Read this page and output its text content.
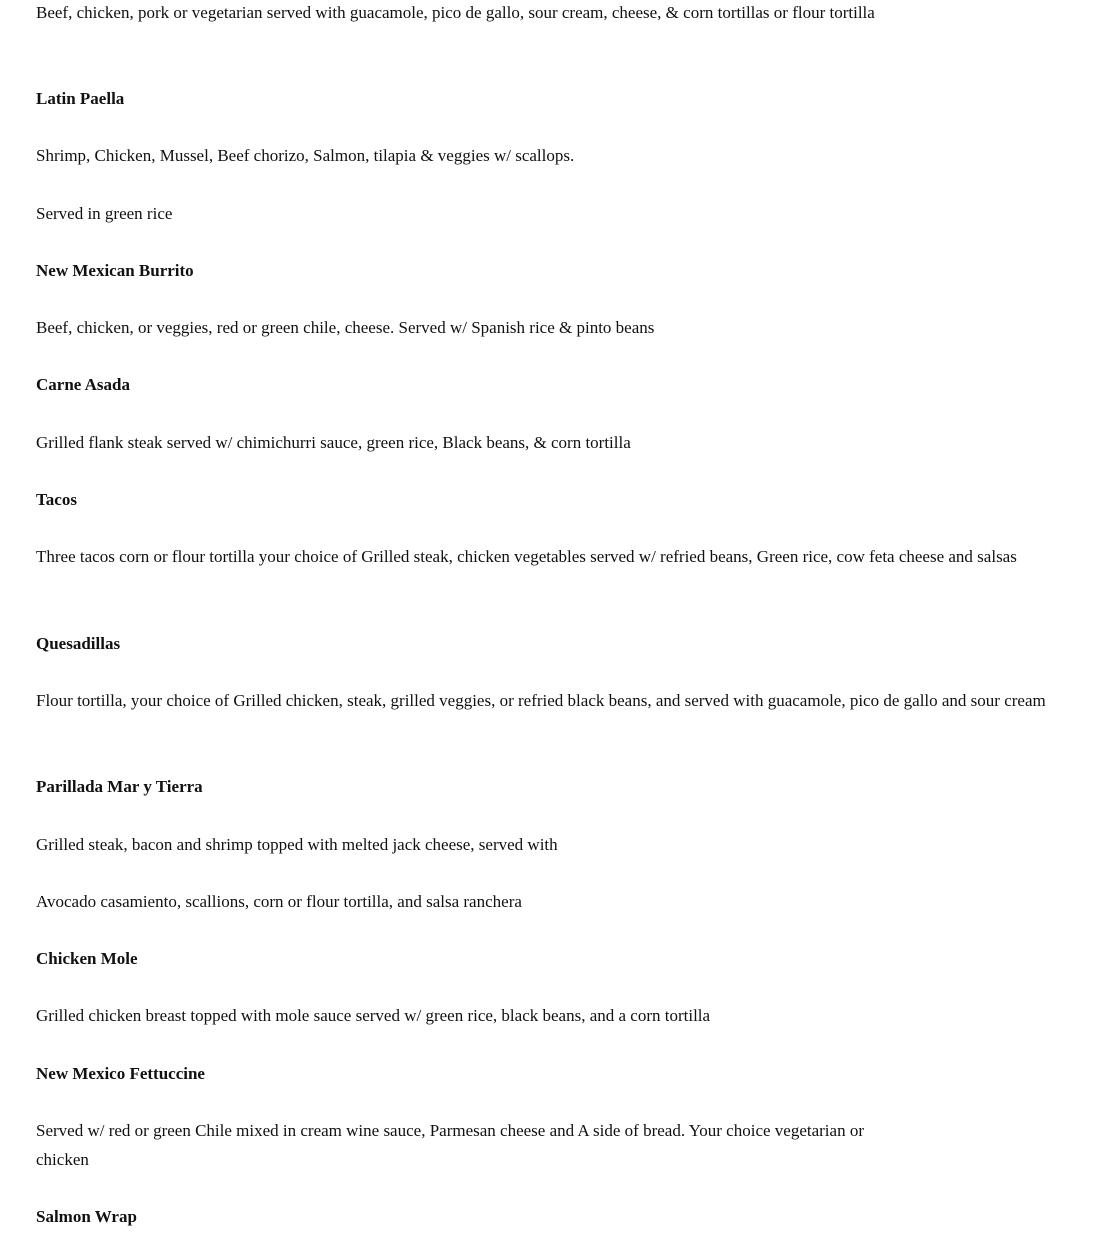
Beef, chicken, pork or vegetarian served with guacamole, pico de gallo, sour cream, cheese, & corn tortillas or flour tortilla

Latin Paella

Shrimp, Chicken, Mussel, Beef chorizo, Salmon, tilapia & veggies w/ scallops.

Served in green rice

New Mexican Burrito

Beef, chicken, or veggies, red or green chile, cheese. Served w/ Spanish rice & pinto beans

Carne Asada

Grilled flank steak served w/ chimichurri sauce, green rice, Black beans, & corn tortilla

Tacos

Three tacos corn or flour tortilla your choice of Grilled steak, chicken vegetables served w/ refried beans, Green rice, cow feta cheese and salsas

Quesadillas

Flour tortilla, your choice of Grilled chicken, steak, grilled veggies, or refried black beans, and served with guacamole, pico de gallo and sour cream

Parillada Mar y Tierra

Grilled steak, bacon and shrimp topped with melted jack cheese, served with

Avocado casamiento, scallions, corn or flour tortilla, and salsa ranchera

Chicken Mole

Grilled chicken breast topped with mole sauce served w/ green rice, black beans, and a corn tortilla

New Mexico Fettuccine

Served w/ red or green Chile mixed in cream wine sauce, Parmesan cheese and A side of bread. Your choice vegetarian or chicken

Salmon Wrap
